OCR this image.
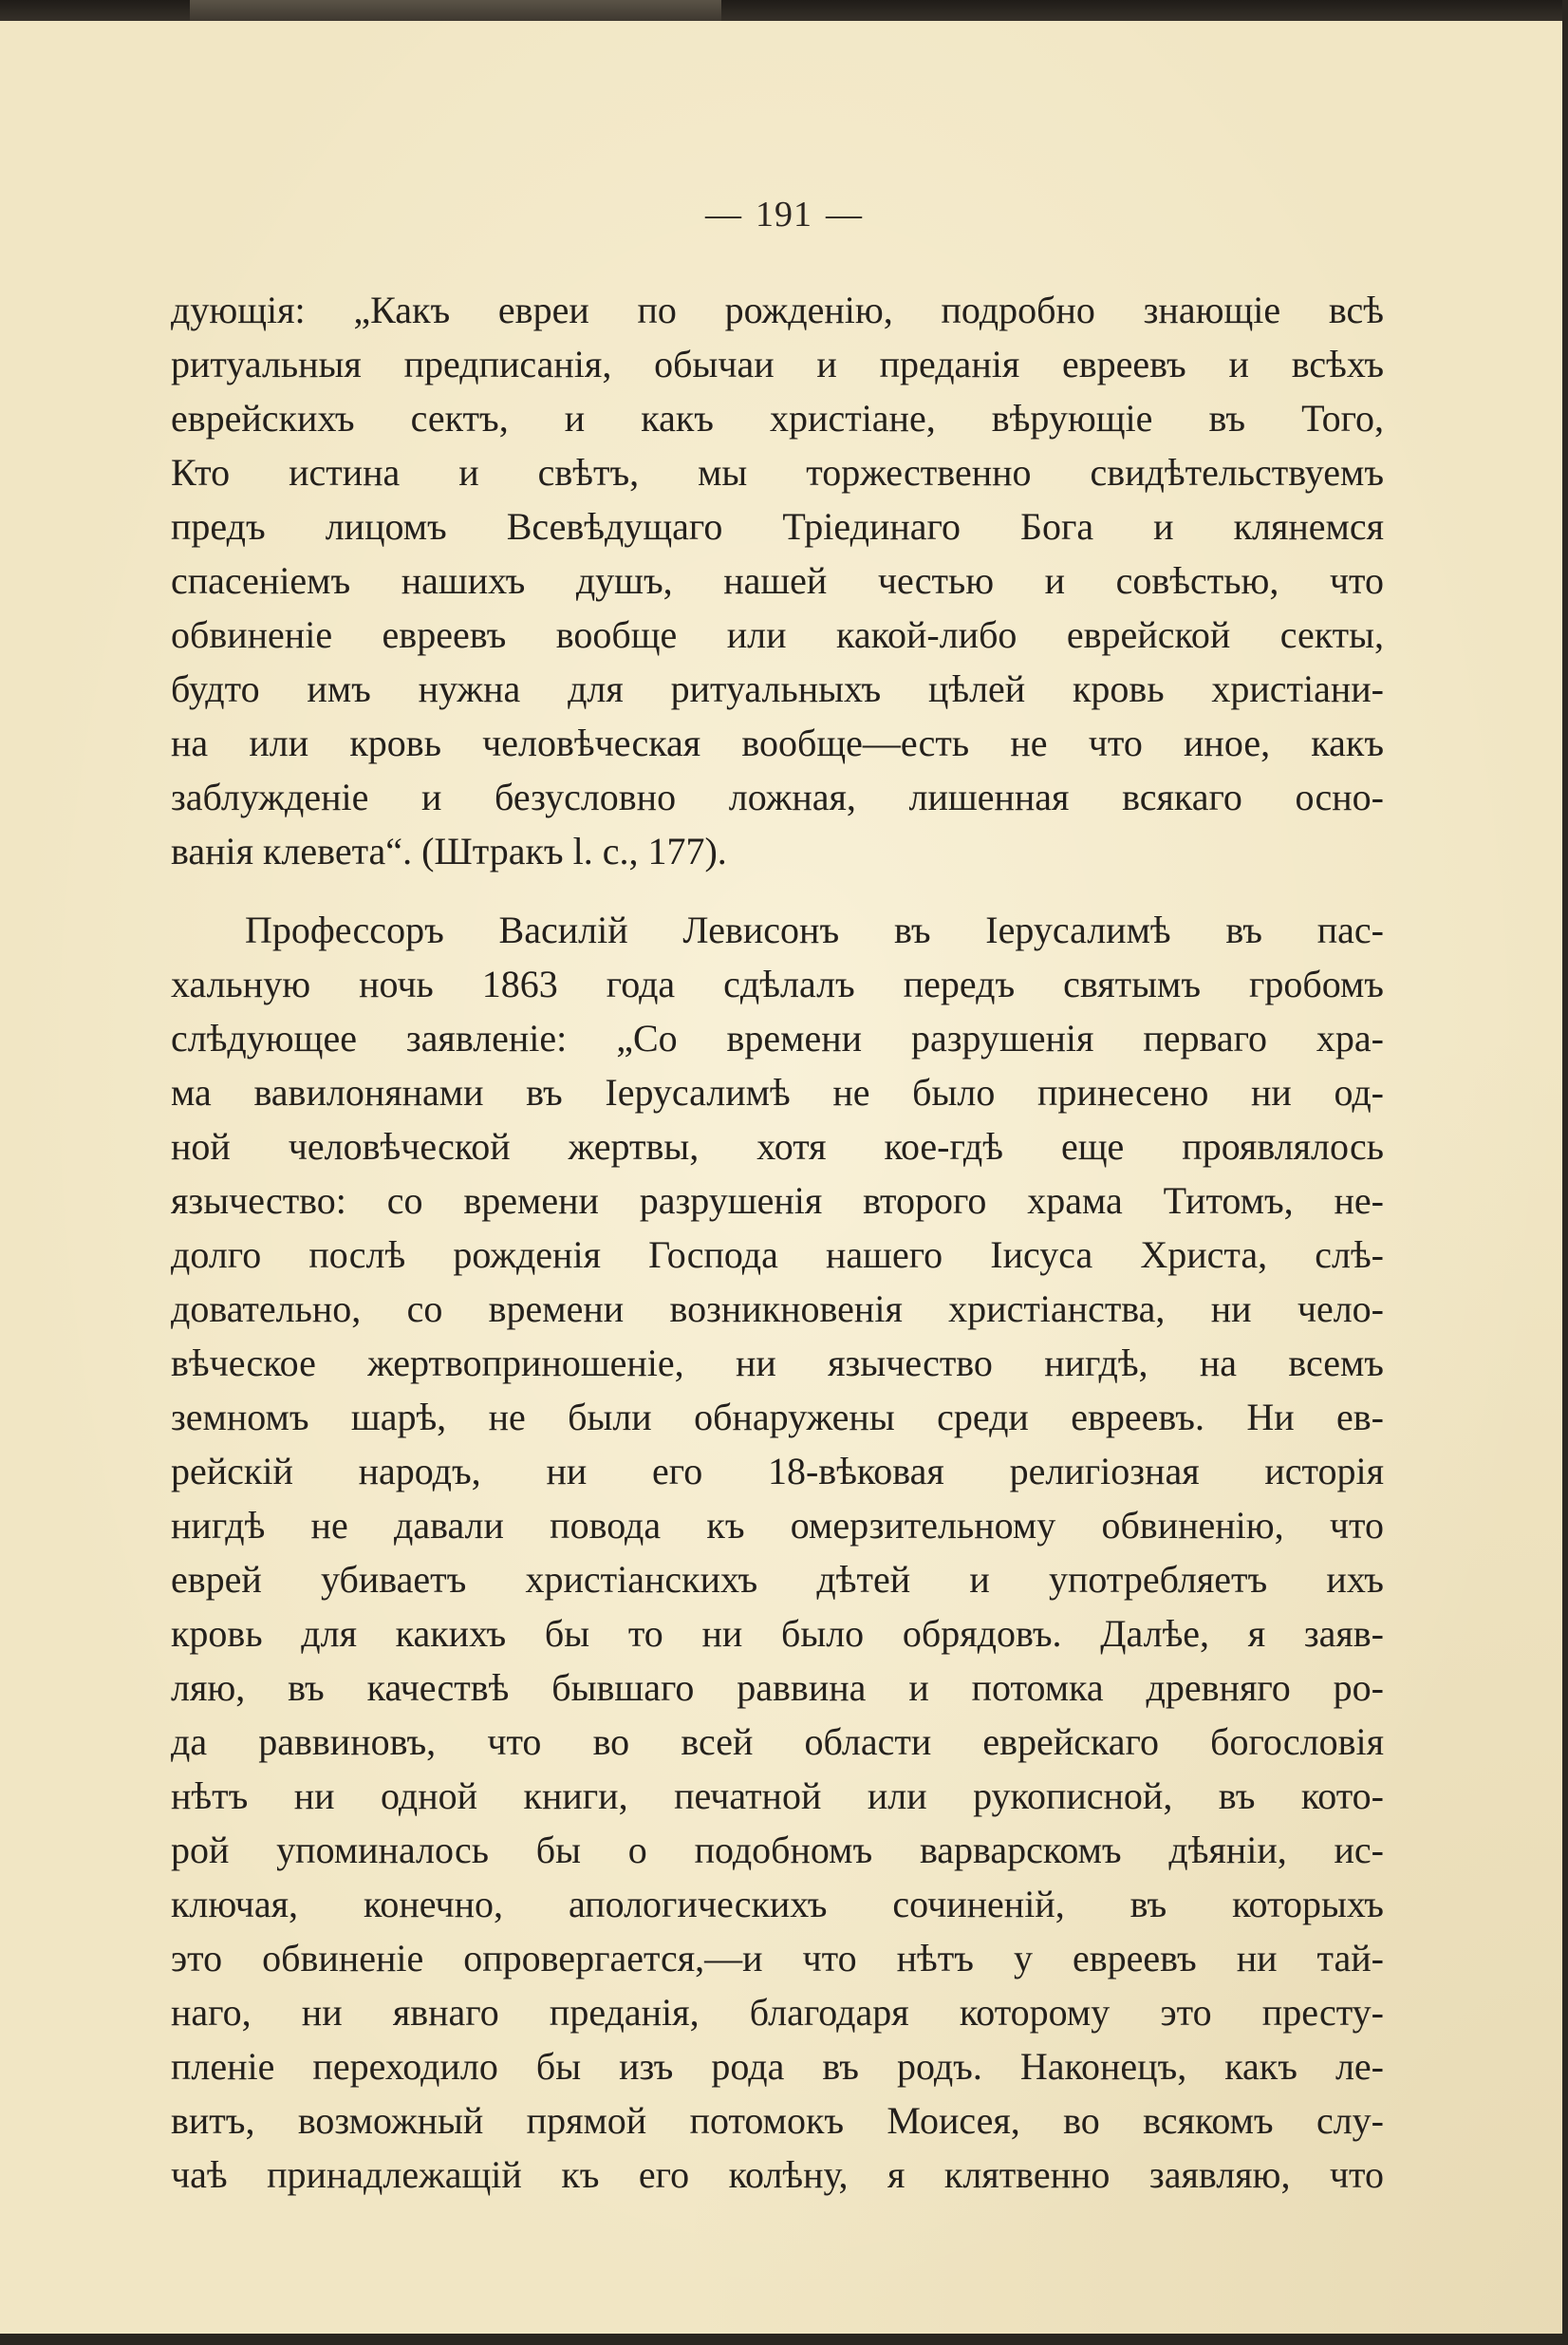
— 191 —
дующія: „Какъ евреи по рожденію, подробно знающіе всѣ
ритуальныя предписанія, обычаи и преданія евреевъ и всѣхъ
еврейскихъ сектъ, и какъ христіане, вѣрующіе въ Того,
Кто истина и свѣтъ, мы торжественно свидѣтельствуемъ
предъ лицомъ Всевѣдущаго Тріединаго Бога и клянемся
спасеніемъ нашихъ душъ, нашей честью и совѣстью, что
обвиненіе евреевъ вообще или какой-либо еврейской секты,
будто имъ нужна для ритуальныхъ цѣлей кровь христіани-
на или кровь человѣческая вообще—есть не что иное, какъ
заблужденіе и безусловно ложная, лишенная всякаго осно-
ванія клевета“. (Штракъ l. c., 177).
Профессоръ Василій Левисонъ въ Іерусалимѣ въ пас-
хальную ночь 1863 года сдѣлалъ передъ святымъ гробомъ
слѣдующее заявленіе: „Со времени разрушенія перваго хра-
ма вавилонянами въ Іерусалимѣ не было принесено ни од-
ной человѣческой жертвы, хотя кое-гдѣ еще проявлялось
язычество: со времени разрушенія второго храма Титомъ, не-
долго послѣ рожденія Господа нашего Іисуса Христа, слѣ-
довательно, со времени возникновенія христіанства, ни чело-
вѣческое жертвоприношеніе, ни язычество нигдѣ, на всемъ
земномъ шарѣ, не были обнаружены среди евреевъ. Ни ев-
рейскій народъ, ни его 18-вѣковая религіозная исторія
нигдѣ не давали повода къ омерзительному обвиненію, что
еврей убиваетъ христіанскихъ дѣтей и употребляетъ ихъ
кровь для какихъ бы то ни было обрядовъ. Далѣе, я заяв-
ляю, въ качествѣ бывшаго раввина и потомка древняго ро-
да раввиновъ, что во всей области еврейскаго богословія
нѣтъ ни одной книги, печатной или рукописной, въ кото-
рой упоминалось бы о подобномъ варварскомъ дѣяніи, ис-
ключая, конечно, апологическихъ сочиненій, въ которыхъ
это обвиненіе опровергается,—и что нѣтъ у евреевъ ни тай-
наго, ни явнаго преданія, благодаря которому это престу-
пленіе переходило бы изъ рода въ родъ. Наконецъ, какъ ле-
витъ, возможный прямой потомокъ Моисея, во всякомъ слу-
чаѣ принадлежащій къ его колѣну, я клятвенно заявляю, что
